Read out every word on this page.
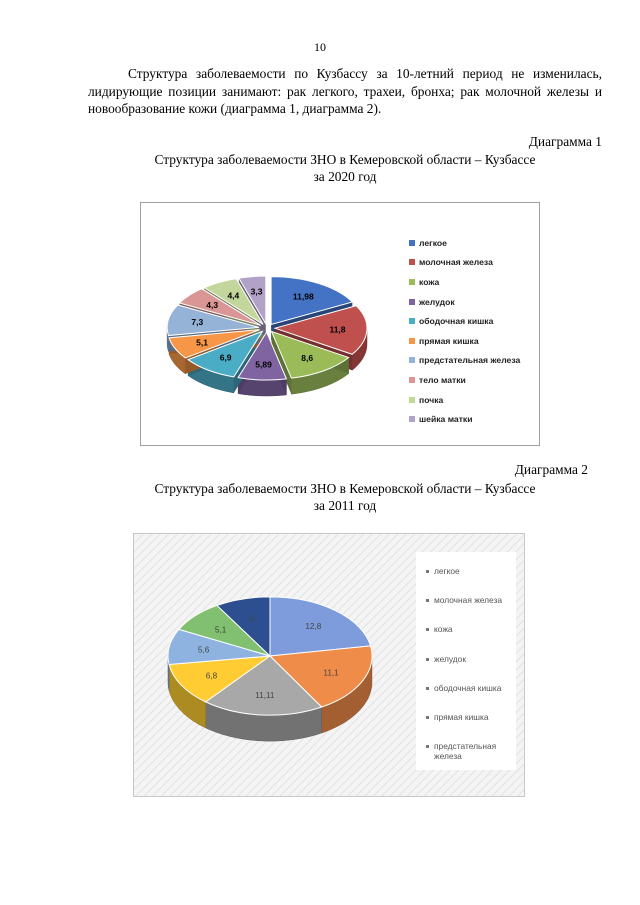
10

Структура заболеваемости по Кузбассу за 10-летний период не изменилась, лидирующие позиции занимают: рак легкого, трахеи, бронха; рак молочной железы и новообразование кожи (диаграмма 1, диаграмма 2).

Диаграмма 1

Структура заболеваемости ЗНО в Кемеровской области – Кузбассе
за 2020 год

11,98
11,8
8,6
5,89
6,9
5,1
7,3
4,3
4,4 3,3
легкое
молочная железа
кожа
желудок
ободочная кишка
прямая кишка
предстательная железа
тело матки
почка
шейка матки
Диаграмма 2

Структура заболеваемости ЗНО в Кемеровской области – Кузбассе
за 2011 год

12,8
11,1
11,11
6,8
5,6
5,1
5
легкое
молочная железа
кожа
желудок
ободочная кишка
прямая кишка
предстательная железа
